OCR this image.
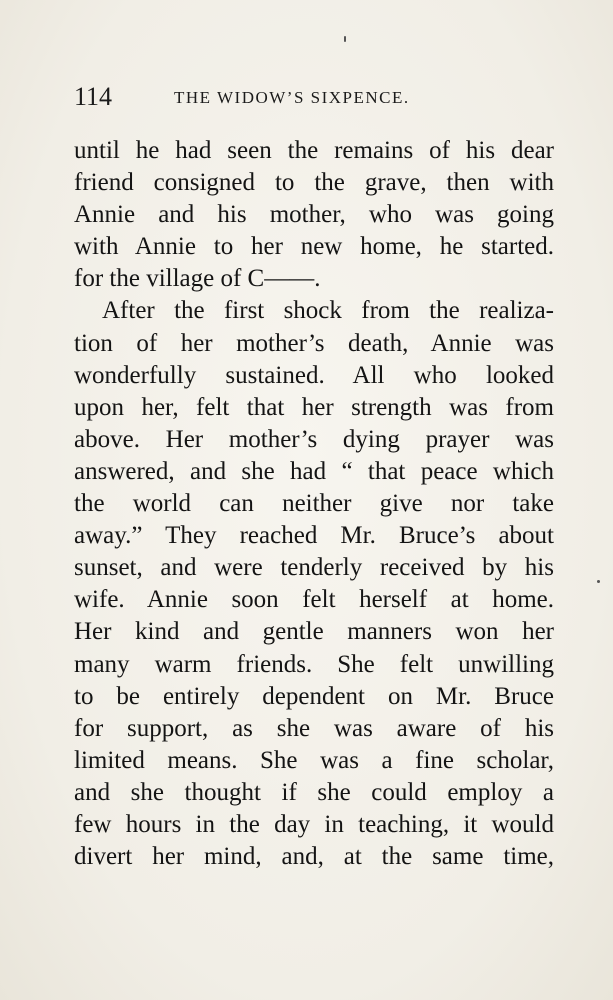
114	THE WIDOW’S SIXPENCE.
until he had seen the remains of his dear
friend consigned to the grave, then with
Annie and his mother, who was going
with Annie to her new home, he started.
for the village of C——.
After the first shock from the realiza-
tion of her mother’s death, Annie was
wonderfully sustained. All who looked
upon her, felt that her strength was from
above. Her mother’s dying prayer was
answered, and she had “ that peace which
the world can neither give nor take
away.” They reached Mr. Bruce’s about
sunset, and were tenderly received by his
wife. Annie soon felt herself at home.
Her kind and gentle manners won her
many warm friends. She felt unwilling
to be entirely dependent on Mr. Bruce
for support, as she was aware of his
limited means. She was a fine scholar,
and she thought if she could employ a
few hours in the day in teaching, it would
divert her mind, and, at the same time,
